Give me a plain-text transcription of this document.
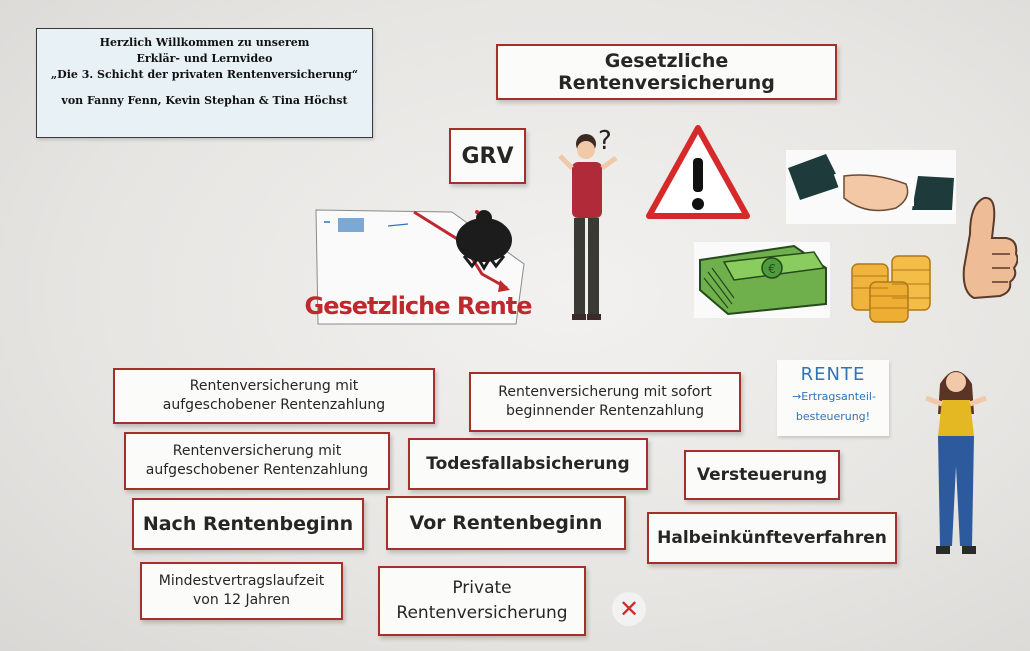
Herzlich Willkommen zu unserem
Erklär- und Lernvideo
„Die 3. Schicht der privaten Rentenversicherung“
von Fanny Fenn, Kevin Stephan & Tina Höchst
Gesetzliche Rentenversicherung
GRV
Gesetzliche Rente
?
€
RENTE
→Ertragsanteil-
besteuerung!
Rentenversicherung mit
aufgeschobener Rentenzahlung
Rentenversicherung mit sofort
beginnender Rentenzahlung
Rentenversicherung mit
aufgeschobener Rentenzahlung	Todesfallabsicherung
Versteuerung
Nach Rentenbeginn	Vor Rentenbeginn
Halbeinkünfteverfahren
Mindestvertragslaufzeit
von 12 Jahren
Private
Rentenversicherung ✕
